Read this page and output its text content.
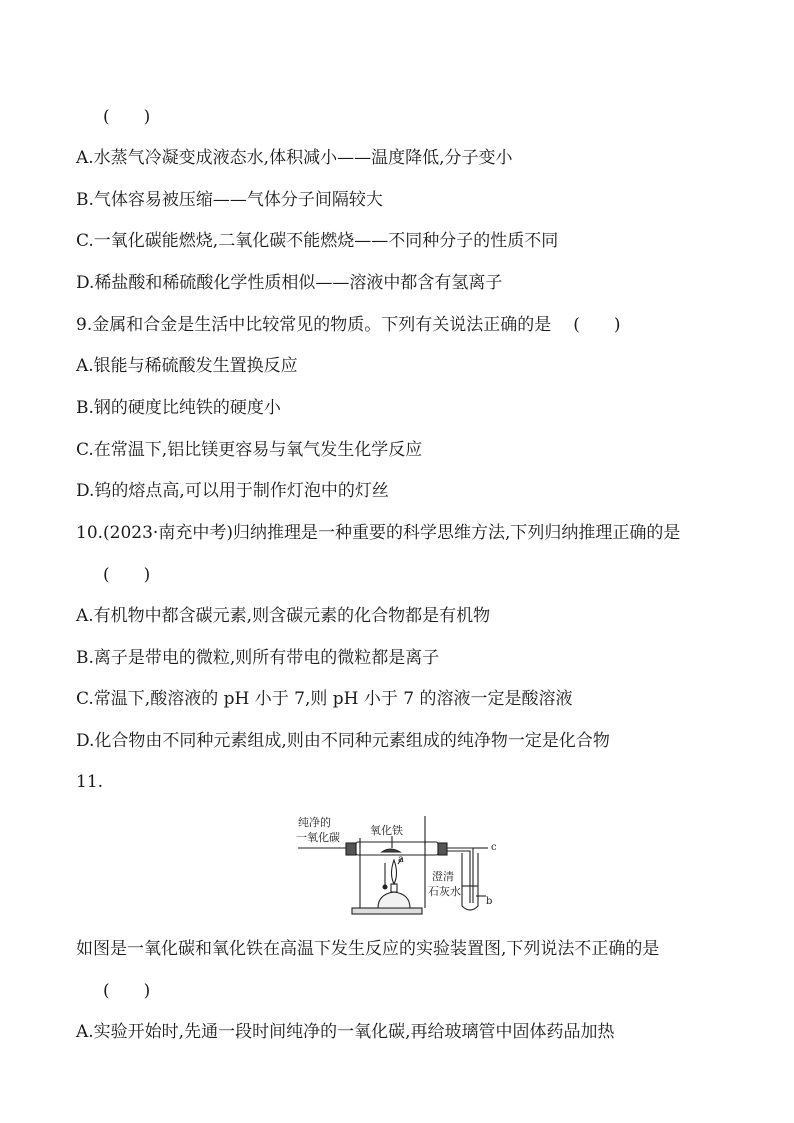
(　　)
A.水蒸气冷凝变成液态水,体积减小——温度降低,分子变小
B.气体容易被压缩——气体分子间隔较大
C.一氧化碳能燃烧,二氧化碳不能燃烧——不同种分子的性质不同
D.稀盐酸和稀硫酸化学性质相似——溶液中都含有氢离子
9.金属和合金是生活中比较常见的物质。下列有关说法正确的是 (　　)
A.银能与稀硫酸发生置换反应
B.钢的硬度比纯铁的硬度小
C.在常温下,铝比镁更容易与氧气发生化学反应
D.钨的熔点高,可以用于制作灯泡中的灯丝
10.(2023·南充中考)归纳推理是一种重要的科学思维方法,下列归纳推理正确的是
(　　)
A.有机物中都含碳元素,则含碳元素的化合物都是有机物
B.离子是带电的微粒,则所有带电的微粒都是离子
C.常温下,酸溶液的 pH 小于 7,则 pH 小于 7 的溶液一定是酸溶液
D.化合物由不同种元素组成,则由不同种元素组成的纯净物一定是化合物
11.
纯净的
一氧化碳
氧化铁
a
澄清
石灰水
b
c
如图是一氧化碳和氧化铁在高温下发生反应的实验装置图,下列说法不正确的是
(　　)
A.实验开始时,先通一段时间纯净的一氧化碳,再给玻璃管中固体药品加热
